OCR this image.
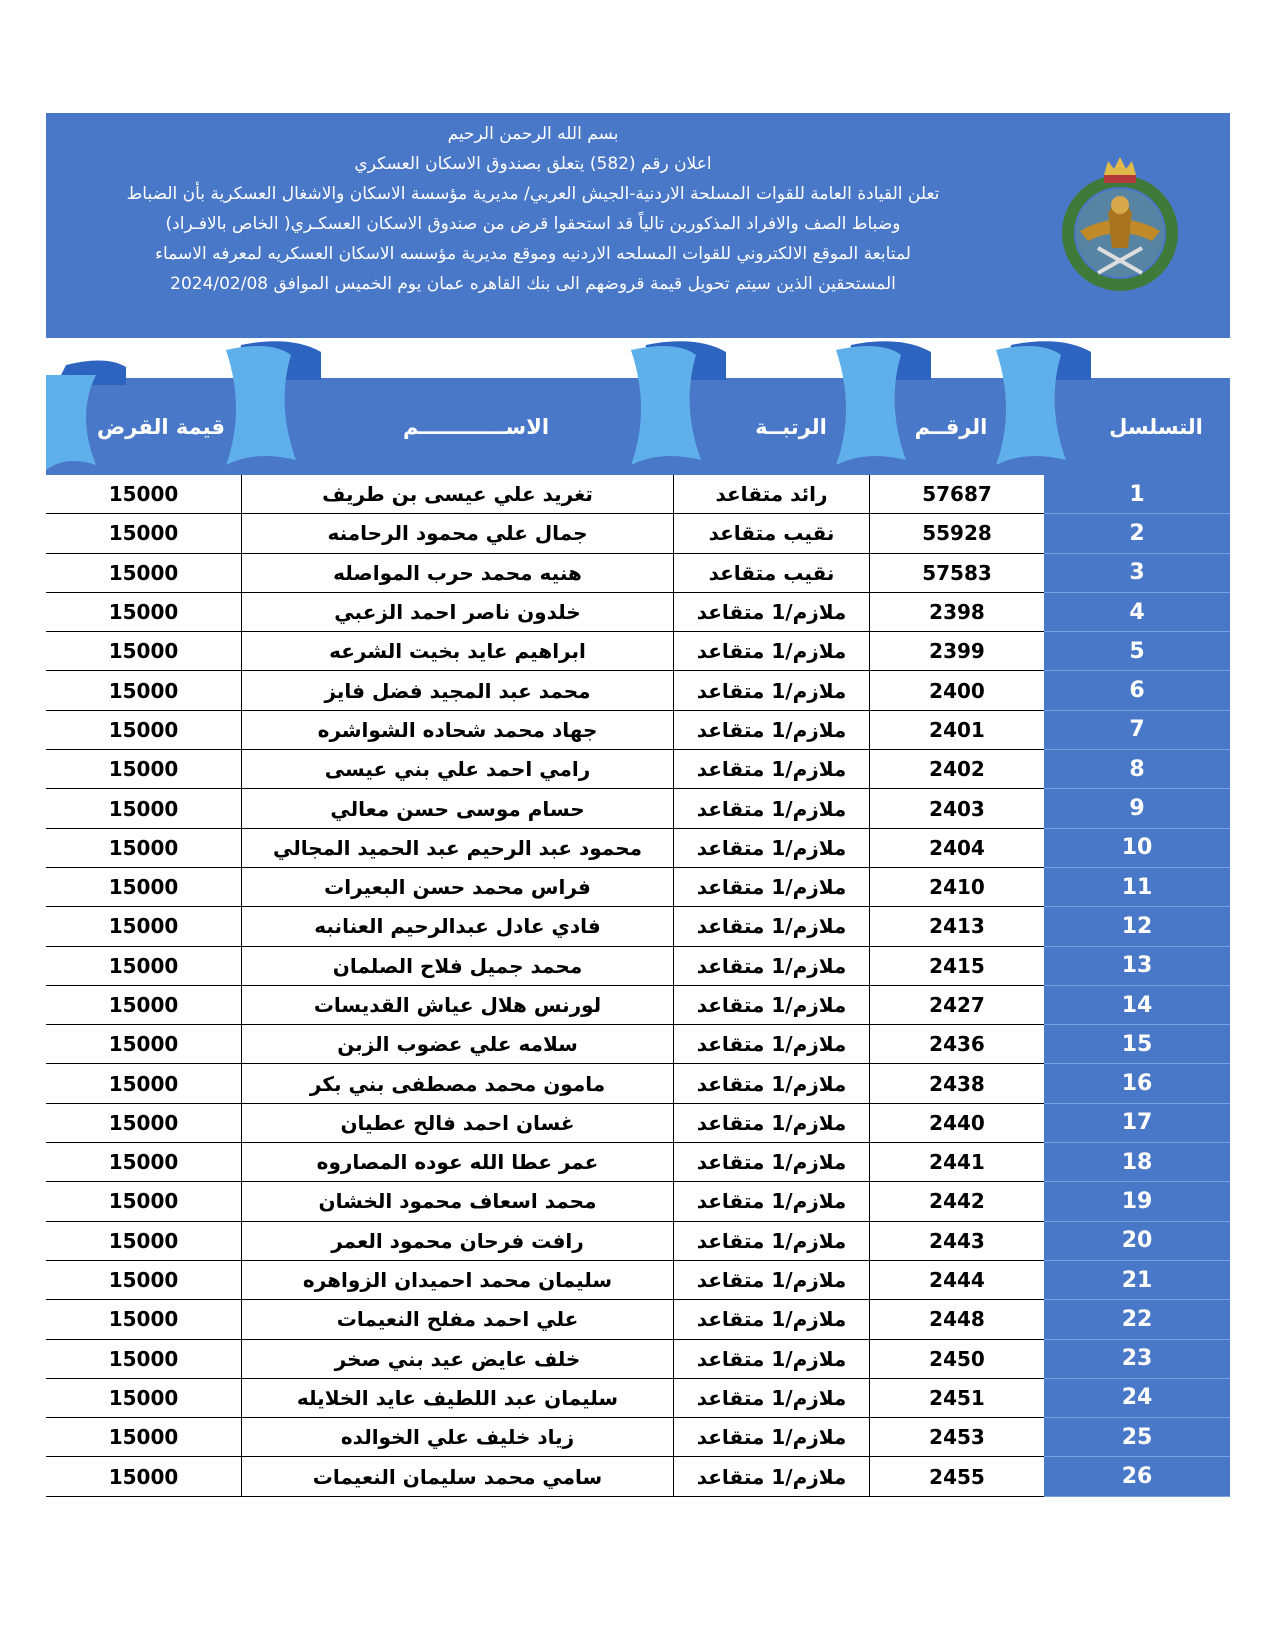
بسم الله الرحمن الرحيم
اعلان رقم (582) يتعلق بصندوق الاسكان العسكري
تعلن القيادة العامة للقوات المسلحة الاردنية-الجيش العربي/ مديرية مؤسسة الاسكان والاشغال العسكرية بأن الضباط
وضباط الصف والافراد المذكورين تالياً قد استحقوا قرض من صندوق الاسكان العسكـري( الخاص بالافـراد)
لمتابعة الموقع الالكتروني للقوات المسلحه الاردنيه وموقع مديرية مؤسسه الاسكان العسكريه لمعرفه الاسماء
المستحقين الذين سيتم تحويل قيمة قروضهم الى بنك القاهره عمان يوم الخميس الموافق 2024/02/08
قيمة القرض	الاســــــــــــم	الرتبــة	الرقــم	التسلسل
15000	تغريد علي عيسى بن طريف	رائد متقاعد	57687	1
15000	جمال علي محمود الرحامنه	نقيب متقاعد	55928	2
15000	هنيه محمد حرب المواصله	نقيب متقاعد	57583	3
15000	خلدون ناصر احمد الزعبي	ملازم/1 متقاعد	2398	4
15000	ابراهيم عايد بخيت الشرعه	ملازم/1 متقاعد	2399	5
15000	محمد عبد المجيد فضل فايز	ملازم/1 متقاعد	2400	6
15000	جهاد محمد شحاده الشواشره	ملازم/1 متقاعد	2401	7
15000	رامي احمد علي بني عيسى	ملازم/1 متقاعد	2402	8
15000	حسام موسى حسن معالي	ملازم/1 متقاعد	2403	9
15000	محمود عبد الرحيم عبد الحميد المجالي	ملازم/1 متقاعد	2404	10
15000	فراس محمد حسن البعيرات	ملازم/1 متقاعد	2410	11
15000	فادي عادل عبدالرحيم العنانبه	ملازم/1 متقاعد	2413	12
15000	محمد جميل فلاح الصلمان	ملازم/1 متقاعد	2415	13
15000	لورنس هلال عياش القديسات	ملازم/1 متقاعد	2427	14
15000	سلامه علي عضوب الزبن	ملازم/1 متقاعد	2436	15
15000	مامون محمد مصطفى بني بكر	ملازم/1 متقاعد	2438	16
15000	غسان احمد فالح عطيان	ملازم/1 متقاعد	2440	17
15000	عمر عطا الله عوده المصاروه	ملازم/1 متقاعد	2441	18
15000	محمد اسعاف محمود الخشان	ملازم/1 متقاعد	2442	19
15000	رافت فرحان محمود العمر	ملازم/1 متقاعد	2443	20
15000	سليمان محمد احميدان الزواهره	ملازم/1 متقاعد	2444	21
15000	علي احمد مفلح النعيمات	ملازم/1 متقاعد	2448	22
15000	خلف عايض عيد بني صخر	ملازم/1 متقاعد	2450	23
15000	سليمان عبد اللطيف عايد الخلايله	ملازم/1 متقاعد	2451	24
15000	زياد خليف علي الخوالده	ملازم/1 متقاعد	2453	25
15000	سامي محمد سليمان النعيمات	ملازم/1 متقاعد	2455	26
